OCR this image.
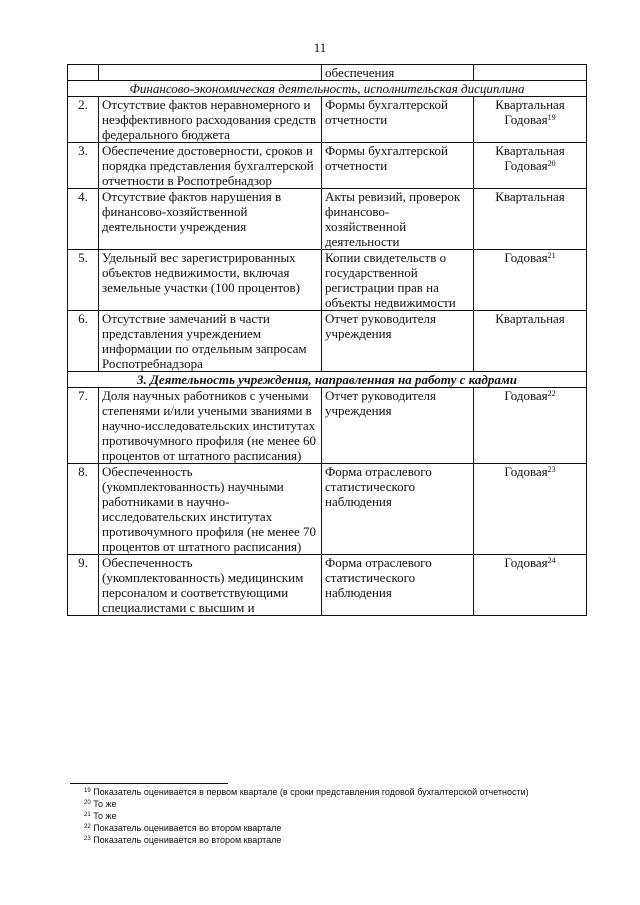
11
		обеспечения	
Финансово-экономическая деятельность, исполнительская дисциплина			
2.	Отсутствие фактов неравномерного и неэффективного расходования средств федерального бюджета	Формы бухгалтерской отчетности	Квартальная Годовая$^{19}$
3.	Обеспечение достоверности, сроков и порядка представления бухгалтерской отчетности в Роспотребнадзор	Формы бухгалтерской отчетности	Квартальная Годовая$^{20}$
4.	Отсутствие фактов нарушения в финансово-хозяйственной деятельности учреждения	Акты ревизий, проверок финансово-хозяйственной деятельности	Квартальная
5.	Удельный вес зарегистрированных объектов недвижимости, включая земельные участки (100 процентов)	Копии свидетельств о государственной регистрации прав на объекты недвижимости	Годовая$^{21}$
6.	Отсутствие замечаний в части представления учреждением информации по отдельным запросам Роспотребнадзора	Отчет руководителя учреждения	Квартальная
3. Деятельность учреждения, направленная на работу с кадрами			
7.	Доля научных работников с учеными степенями и/или учеными званиями в научно-исследовательских институтах противочумного профиля (не менее 60 процентов от штатного расписания)	Отчет руководителя учреждения	Годовая$^{22}$
8.	Обеспеченность (укомплектованность) научными работниками в научно-исследовательских институтах противочумного профиля (не менее 70 процентов от штатного расписания)	Форма отраслевого статистического наблюдения	Годовая$^{23}$
9.	Обеспеченность (укомплектованность) медицинским персоналом и соответствующими специалистами с высшим и	Форма отраслевого статистического наблюдения	Годовая$^{24}$
$^{19}$ Показатель оценивается в первом квартале (в сроки представления годовой бухгалтерской отчетности)
$^{20}$ То же
$^{21}$ То же
$^{22}$ Показатель оценивается во втором квартале
$^{23}$ Показатель оценивается во втором квартале
